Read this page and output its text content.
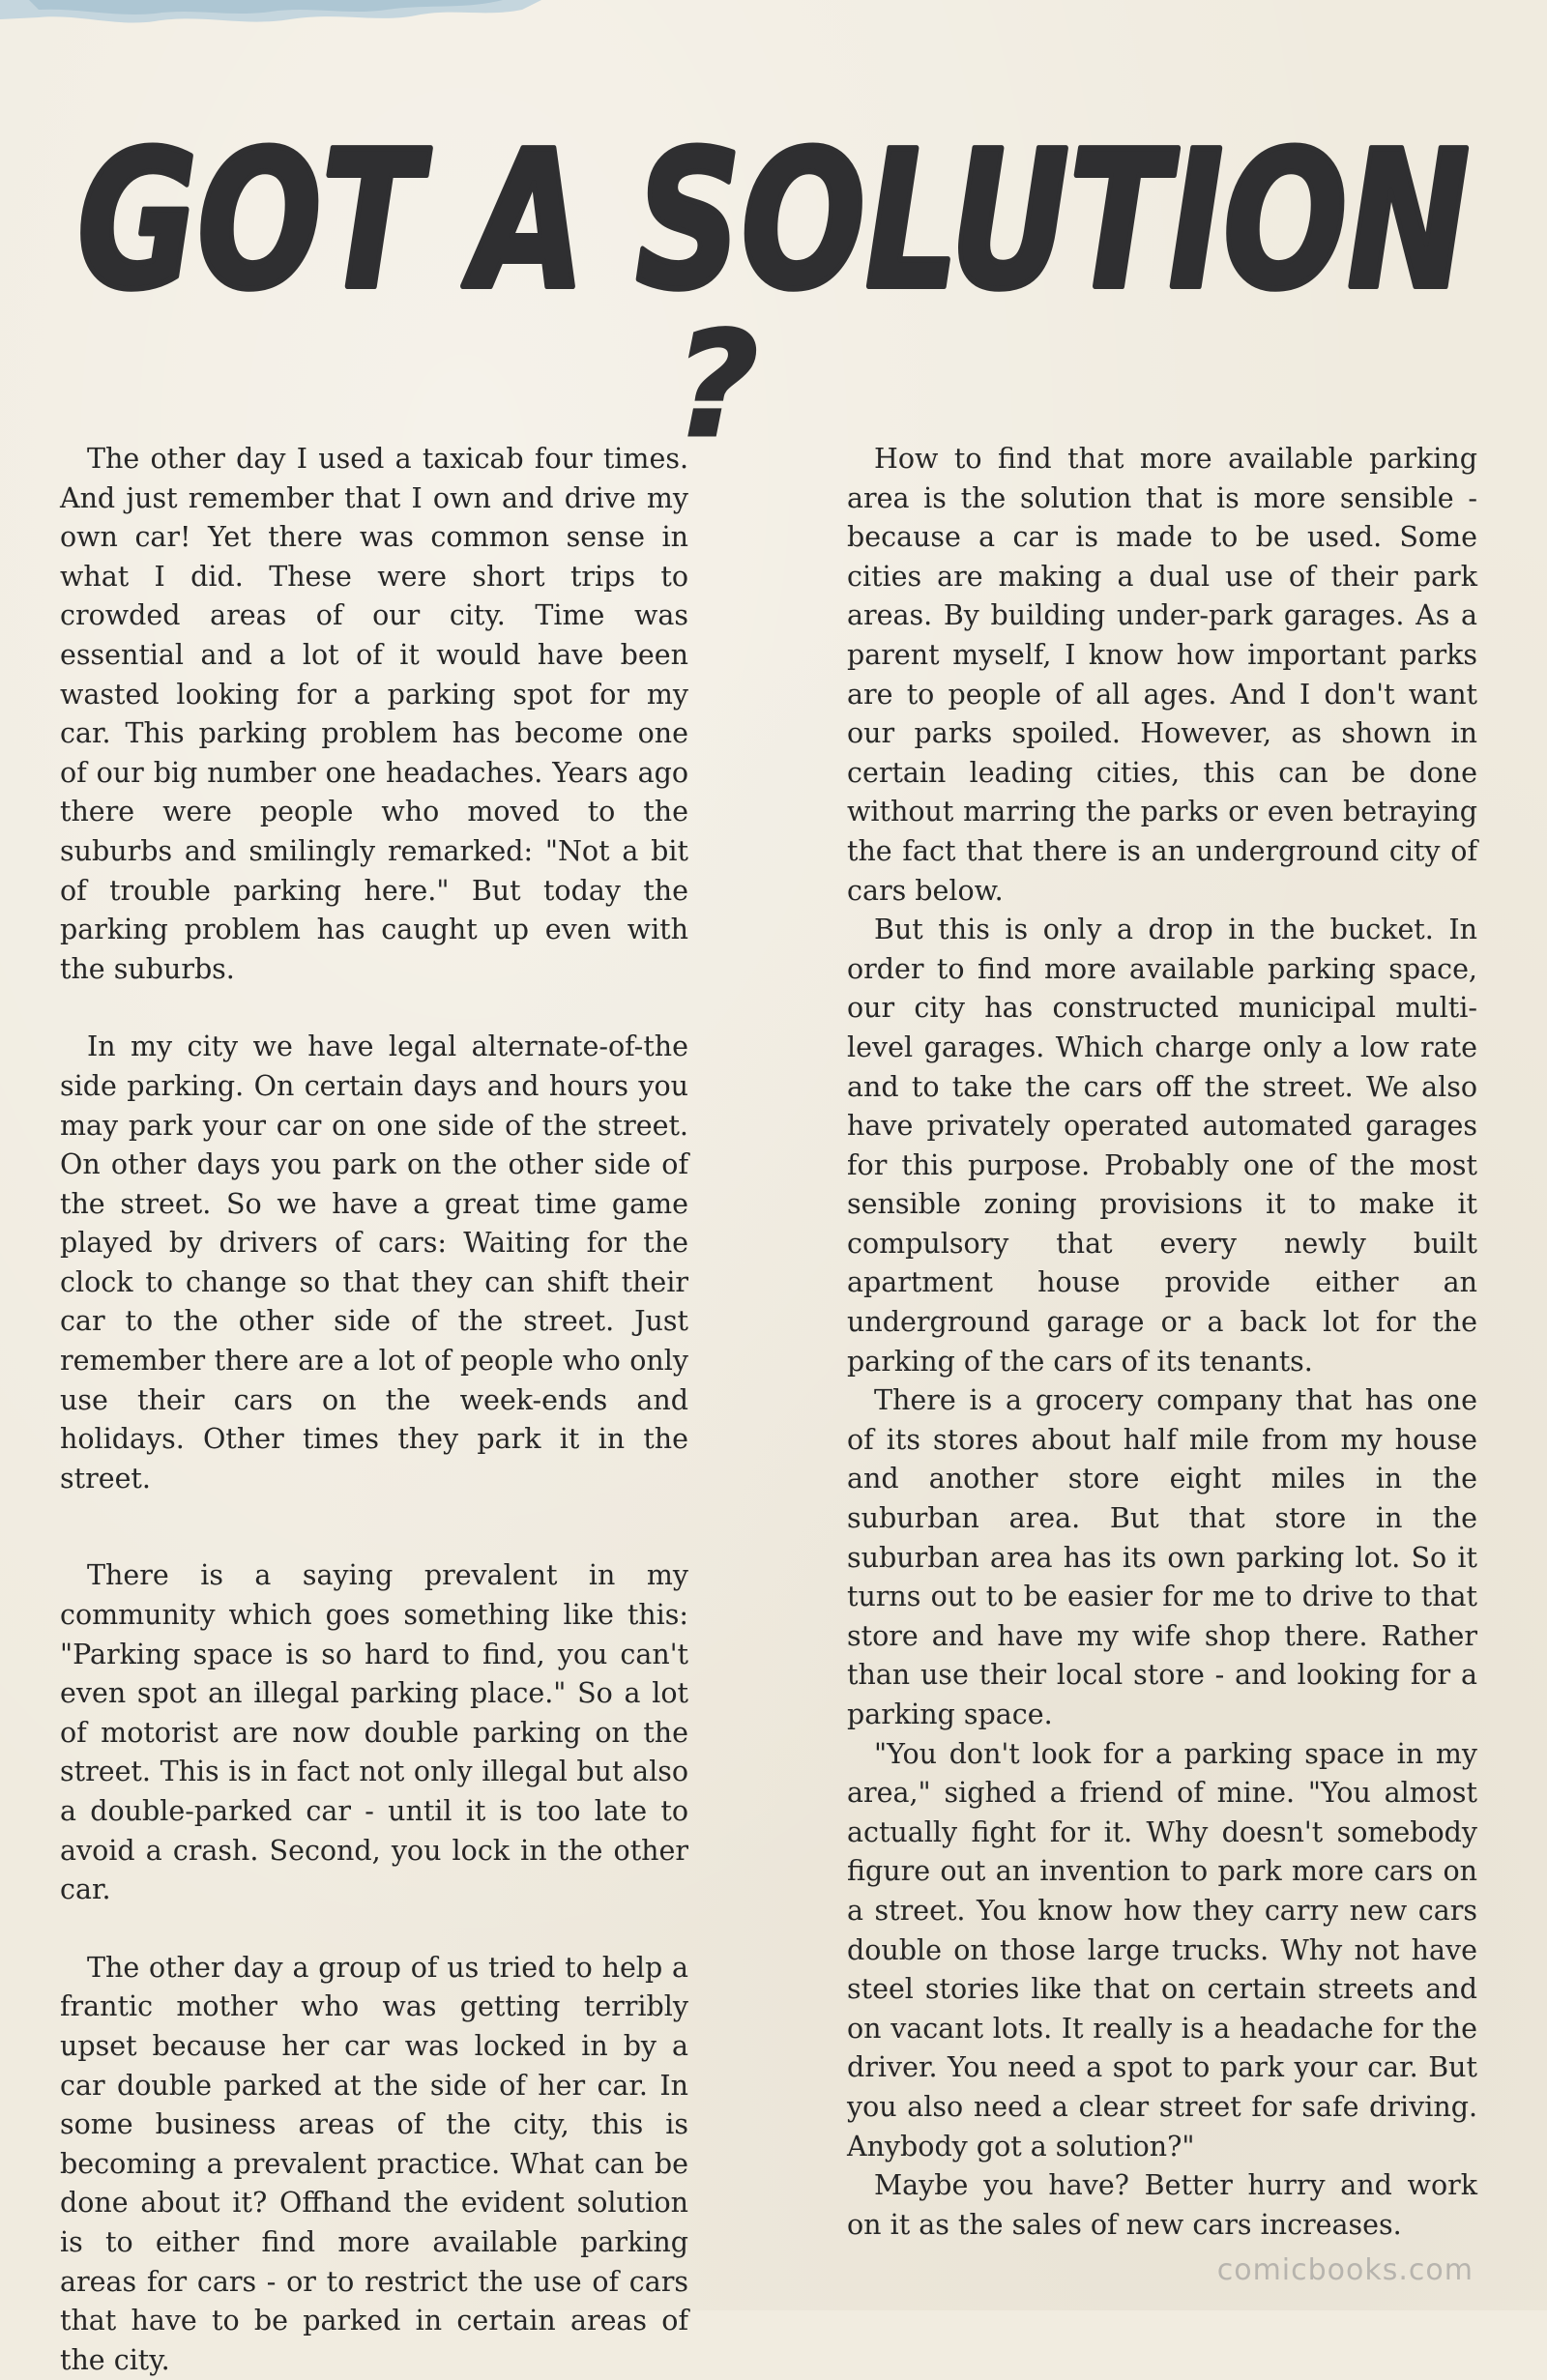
GOT A SOLUTION
?

The other day I used a taxicab four times. And just remember that I own and drive my own car! Yet there was common sense in what I did. These were short trips to crowded areas of our city. Time was essential and a lot of it would have been wasted looking for a parking spot for my car. This parking problem has become one of our big number one headaches. Years ago there were people who moved to the suburbs and smilingly remarked: "Not a bit of trouble parking here." But today the parking problem has caught up even with the suburbs.

In my city we have legal alternate-of-the side parking. On certain days and hours you may park your car on one side of the street. On other days you park on the other side of the street. So we have a great time game played by drivers of cars: Waiting for the clock to change so that they can shift their car to the other side of the street. Just remember there are a lot of people who only use their cars on the week-ends and holidays. Other times they park it in the street.

There is a saying prevalent in my community which goes something like this: "Parking space is so hard to find, you can't even spot an illegal parking place." So a lot of motorist are now double parking on the street. This is in fact not only illegal but also a double-parked car - until it is too late to avoid a crash. Second, you lock in the other car.

The other day a group of us tried to help a frantic mother who was getting terribly upset because her car was locked in by a car double parked at the side of her car. In some business areas of the city, this is becoming a prevalent practice. What can be done about it? Offhand the evident solution is to either find more available parking areas for cars - or to restrict the use of cars that have to be parked in certain areas of the city.

How to find that more available parking area is the solution that is more sensible - because a car is made to be used. Some cities are making a dual use of their park areas. By building under-park garages. As a parent myself, I know how important parks are to people of all ages. And I don't want our parks spoiled. However, as shown in certain leading cities, this can be done without marring the parks or even betraying the fact that there is an underground city of cars below.

But this is only a drop in the bucket. In order to find more available parking space, our city has constructed municipal multi-level garages. Which charge only a low rate and to take the cars off the street. We also have privately operated automated garages for this purpose. Probably one of the most sensible zoning provisions it to make it compulsory that every newly built apartment house provide either an underground garage or a back lot for the parking of the cars of its tenants.

There is a grocery company that has one of its stores about half mile from my house and another store eight miles in the suburban area. But that store in the suburban area has its own parking lot. So it turns out to be easier for me to drive to that store and have my wife shop there. Rather than use their local store - and looking for a parking space.

"You don't look for a parking space in my area," sighed a friend of mine. "You almost actually fight for it. Why doesn't somebody figure out an invention to park more cars on a street. You know how they carry new cars double on those large trucks. Why not have steel stories like that on certain streets and on vacant lots. It really is a headache for the driver. You need a spot to park your car. But you also need a clear street for safe driving. Anybody got a solution?"

Maybe you have? Better hurry and work on it as the sales of new cars increases.

comicbooks.com
